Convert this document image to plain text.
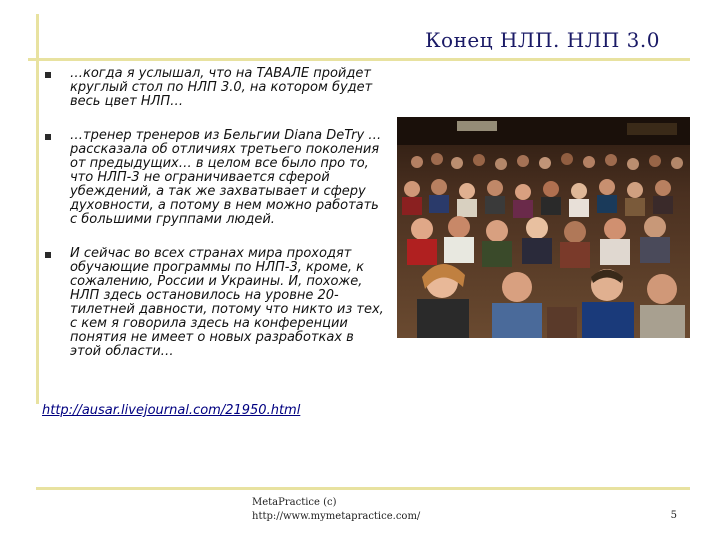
Конец НЛП. НЛП 3.0
…когда я услышал, что на ТАВАЛЕ пройдет круглый стол по НЛП 3.0, на котором будет весь цвет НЛП…
…тренер тренеров из Бельгии Diana DeTry … рассказала об отличиях третьего поколения от предыдущих… в целом все было про то, что НЛП-3 не ограничивается сферой убеждений, а так же захватывает и сферу духовности, а потому в нем можно работать с большими группами людей.
И сейчас во всех странах мира проходят обучающие программы по НЛП-3, кроме, к сожалению, России и Украины. И, похоже, НЛП здесь остановилось на уровне 20-тилетней давности, потому что никто из тех, с кем я говорила здесь на конференции понятия не имеет о новых разработках в этой области…
http://ausar.livejournal.com/21950.html
MetaPractice (c)
http://www.mymetapractice.com/	5
